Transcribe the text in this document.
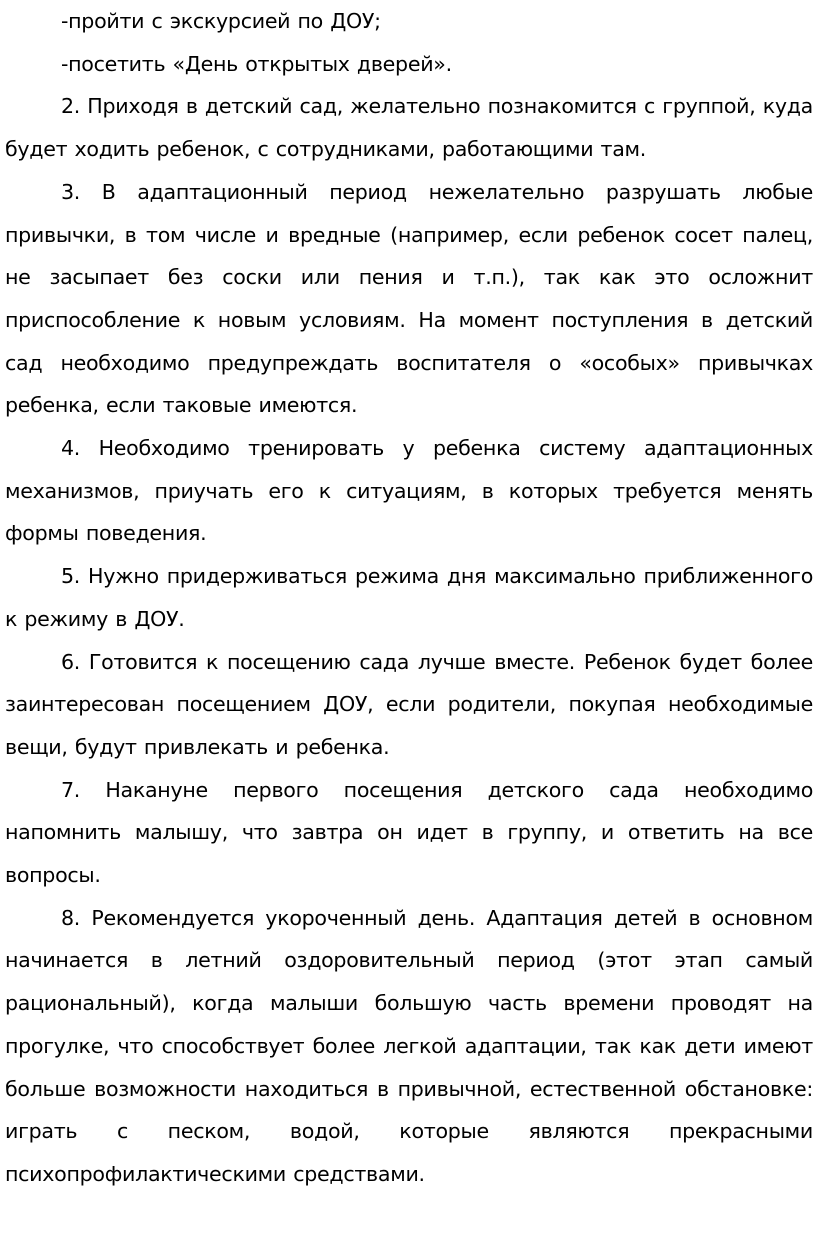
-пройти с экскурсией по ДОУ;

-посетить «День открытых дверей».

2. Приходя в детский сад, желательно познакомится с группой, куда будет ходить ребенок, с сотрудниками, работающими там.

3. В адаптационный период нежелательно разрушать любые привычки, в том числе и вредные (например, если ребенок сосет палец, не засыпает без соски или пения и т.п.), так как это осложнит приспособление к новым условиям. На момент поступления в детский сад необходимо предупреждать воспитателя о «особых» привычках ребенка, если таковые имеются.

4. Необходимо тренировать у ребенка систему адаптационных механизмов, приучать его к ситуациям, в которых требуется менять формы поведения.

5. Нужно придерживаться режима дня максимально приближенного к режиму в ДОУ.

6. Готовится к посещению сада лучше вместе. Ребенок будет более заинтересован посещением ДОУ, если родители, покупая необходимые вещи, будут привлекать и ребенка.

7. Накануне первого посещения детского сада необходимо напомнить малышу, что завтра он идет в группу, и ответить на все вопросы.

8. Рекомендуется укороченный день. Адаптация детей в основном начинается в летний оздоровительный период (этот этап самый рациональный), когда малыши большую часть времени проводят на прогулке, что способствует более легкой адаптации, так как дети имеют больше возможности находиться в привычной, естественной обстановке: играть с песком, водой, которые являются прекрасными психопрофилактическими средствами.
